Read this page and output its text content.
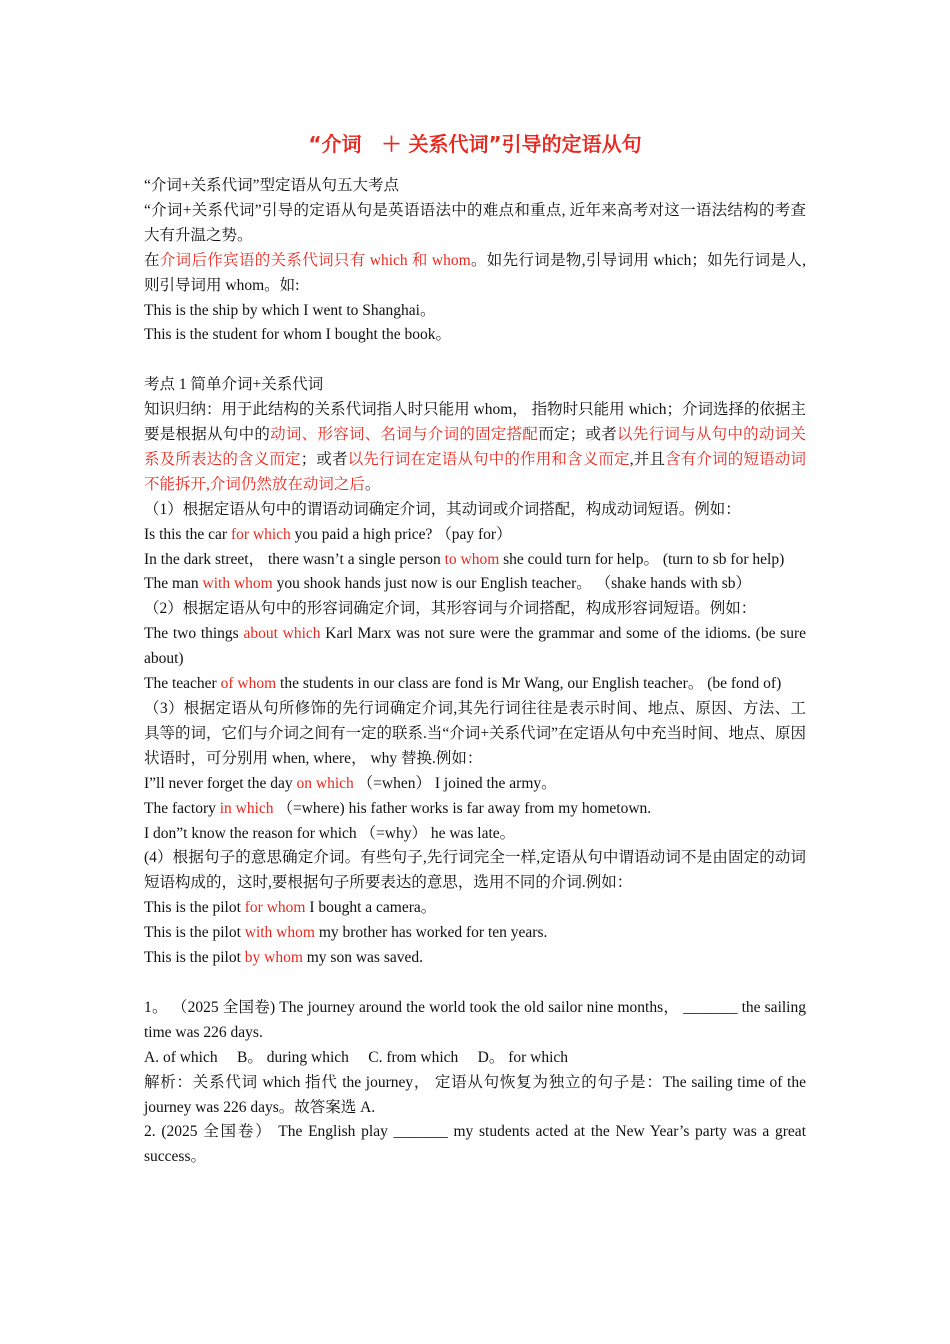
“介词　＋ 关系代词”引导的定语从句

“介词+关系代词”型定语从句五大考点

“介词+关系代词”引导的定语从句是英语语法中的难点和重点, 近年来高考对这一语法结构的考查大有升温之势。

在介词后作宾语的关系代词只有 which 和 whom。如先行词是物,引导词用 which；如先行词是人,则引导词用 whom。如:

This is the ship by which I went to Shanghai。

This is the student for whom I bought the book。

考点 1 简单介词+关系代词

知识归纳：用于此结构的关系代词指人时只能用 whom， 指物时只能用 which；介词选择的依据主要是根据从句中的动词、形容词、名词与介词的固定搭配而定；或者以先行词与从句中的动词关系及所表达的含义而定；或者以先行词在定语从句中的作用和含义而定,并且含有介词的短语动词不能拆开,介词仍然放在动词之后。

（1）根据定语从句中的谓语动词确定介词，其动词或介词搭配，构成动词短语。例如：

Is this the car for which you paid a high price? （pay for）

In the dark street， there wasn’t a single person to whom she could turn for help。 (turn to sb for help)

The man with whom you shook hands just now is our English teacher。 （shake hands with sb）

（2）根据定语从句中的形容词确定介词，其形容词与介词搭配，构成形容词短语。例如：

The two things about which Karl Marx was not sure were the grammar and some of the idioms. (be sure about)

The teacher of whom the students in our class are fond is Mr Wang, our English teacher。 (be fond of)

（3）根据定语从句所修饰的先行词确定介词,其先行词往往是表示时间、地点、原因、方法、工具等的词，它们与介词之间有一定的联系.当“介词+关系代词”在定语从句中充当时间、地点、原因状语时，可分别用 when, where， why 替换.例如：

I”ll never forget the day on which （=when） I joined the army。

The factory in which （=where) his father works is far away from my hometown.

I don”t know the reason for which （=why） he was late。

(4）根据句子的意思确定介词。有些句子,先行词完全一样,定语从句中谓语动词不是由固定的动词短语构成的，这时,要根据句子所要表达的意思，选用不同的介词.例如：

This is the pilot for whom I bought a camera。

This is the pilot with whom my brother has worked for ten years.

This is the pilot by whom my son was saved.

1。 （2025 全国卷) The journey around the world took the old sailor nine months， _______ the sailing time was 226 days.

A. of which　 B。 during which　 C. from which　 D。 for which

解析：关系代词 which 指代 the journey， 定语从句恢复为独立的句子是：The sailing time of the journey was 226 days。故答案选 A.

2. (2025 全国卷） The English play _______ my students acted at the New Year’s party was a great success。
